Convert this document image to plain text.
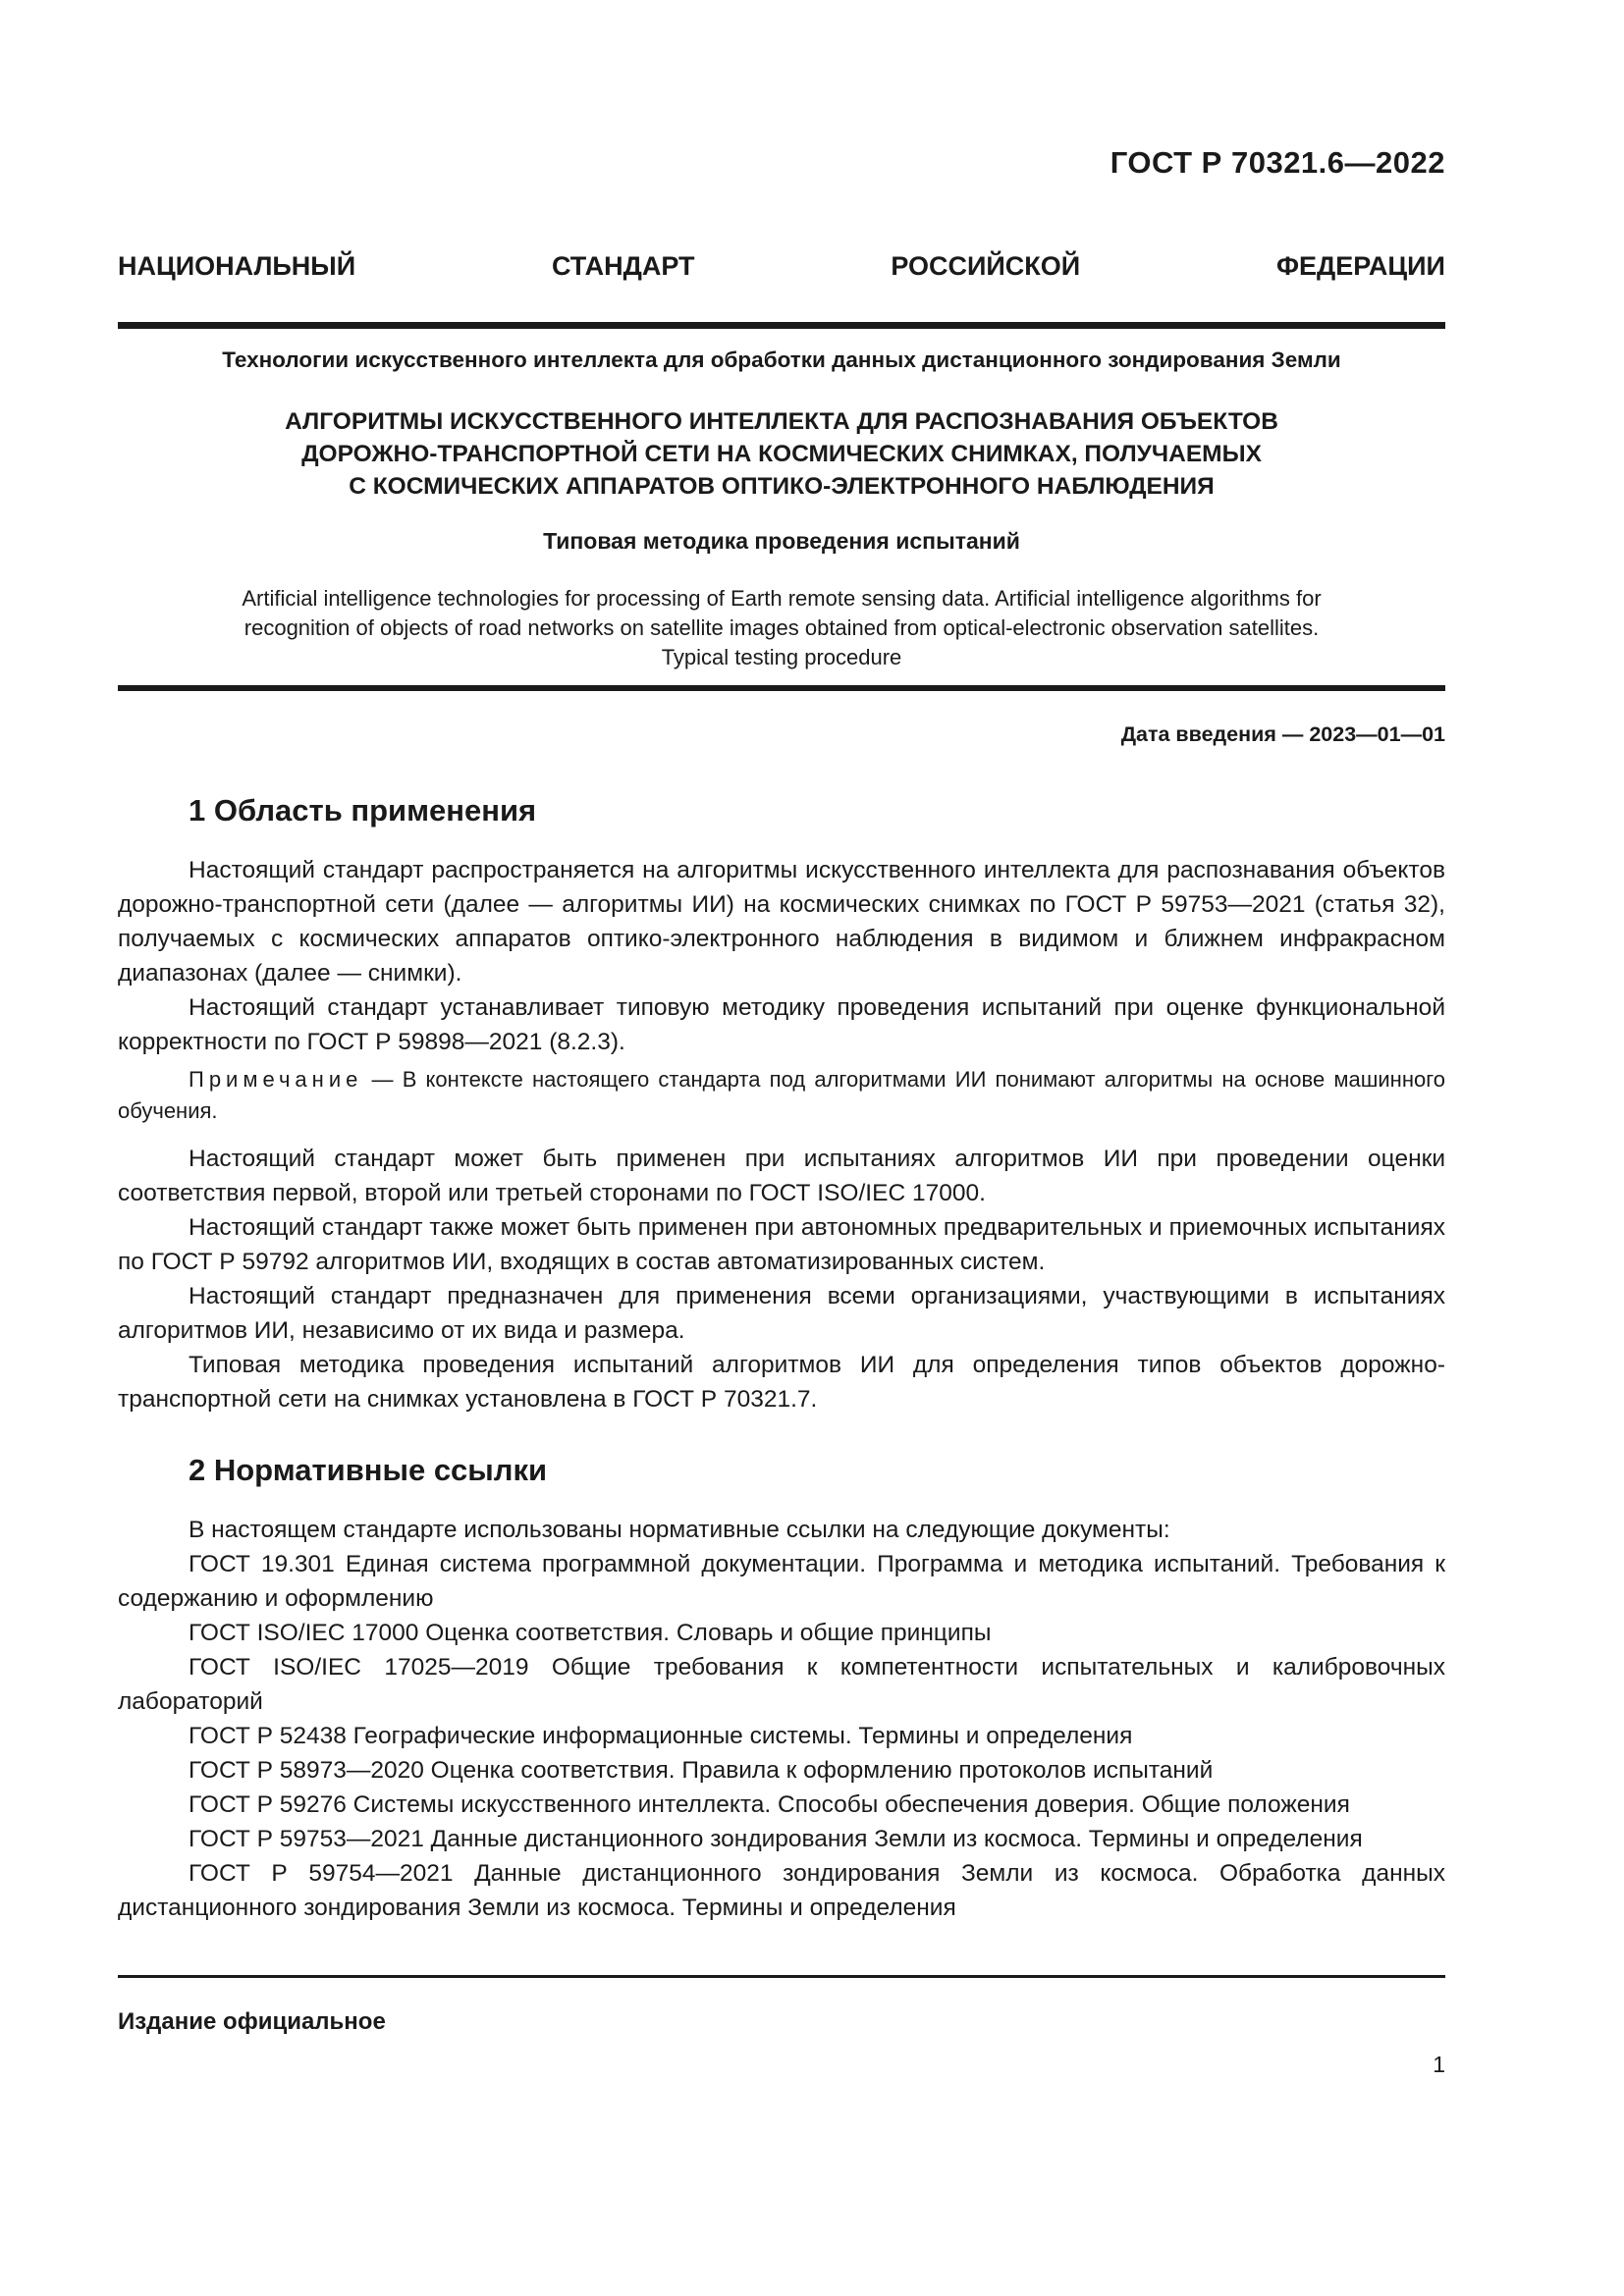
ГОСТ Р 70321.6—2022
НАЦИОНАЛЬНЫЙ	СТАНДАРТ	РОССИЙСКОЙ	ФЕДЕРАЦИИ
Технологии искусственного интеллекта для обработки данных дистанционного зондирования Земли
АЛГОРИТМЫ ИСКУССТВЕННОГО ИНТЕЛЛЕКТА ДЛЯ РАСПОЗНАВАНИЯ ОБЪЕКТОВ
ДОРОЖНО-ТРАНСПОРТНОЙ СЕТИ НА КОСМИЧЕСКИХ СНИМКАХ, ПОЛУЧАЕМЫХ
С КОСМИЧЕСКИХ АППАРАТОВ ОПТИКО-ЭЛЕКТРОННОГО НАБЛЮДЕНИЯ
Типовая методика проведения испытаний
Artificial intelligence technologies for processing of Earth remote sensing data. Artificial intelligence algorithms for
recognition of objects of road networks on satellite images obtained from optical-electronic observation satellites.
Typical testing procedure
Дата введения — 2023—01—01
1 Область применения

Настоящий стандарт распространяется на алгоритмы искусственного интеллекта для распознавания объектов дорожно-транспортной сети (далее — алгоритмы ИИ) на космических снимках по ГОСТ Р 59753—2021 (статья 32), получаемых с космических аппаратов оптико-электронного наблюдения в видимом и ближнем инфракрасном диапазонах (далее — снимки).

Настоящий стандарт устанавливает типовую методику проведения испытаний при оценке функциональной корректности по ГОСТ Р 59898—2021 (8.2.3).

Примечание — В контексте настоящего стандарта под алгоритмами ИИ понимают алгоритмы на основе машинного обучения.

Настоящий стандарт может быть применен при испытаниях алгоритмов ИИ при проведении оценки соответствия первой, второй или третьей сторонами по ГОСТ ISO/IEC 17000.

Настоящий стандарт также может быть применен при автономных предварительных и приемочных испытаниях по ГОСТ Р 59792 алгоритмов ИИ, входящих в состав автоматизированных систем.

Настоящий стандарт предназначен для применения всеми организациями, участвующими в испытаниях алгоритмов ИИ, независимо от их вида и размера.

Типовая методика проведения испытаний алгоритмов ИИ для определения типов объектов дорожно-транспортной сети на снимках установлена в ГОСТ Р 70321.7.

2 Нормативные ссылки

В настоящем стандарте использованы нормативные ссылки на следующие документы:

ГОСТ 19.301 Единая система программной документации. Программа и методика испытаний. Требования к содержанию и оформлению

ГОСТ ISO/IEC 17000 Оценка соответствия. Словарь и общие принципы

ГОСТ ISO/IEC 17025—2019 Общие требования к компетентности испытательных и калибровочных лабораторий

ГОСТ Р 52438 Географические информационные системы. Термины и определения

ГОСТ Р 58973—2020 Оценка соответствия. Правила к оформлению протоколов испытаний

ГОСТ Р 59276 Системы искусственного интеллекта. Способы обеспечения доверия. Общие положения

ГОСТ Р 59753—2021 Данные дистанционного зондирования Земли из космоса. Термины и определения

ГОСТ Р 59754—2021 Данные дистанционного зондирования Земли из космоса. Обработка данных дистанционного зондирования Земли из космоса. Термины и определения

Издание официальное
1
